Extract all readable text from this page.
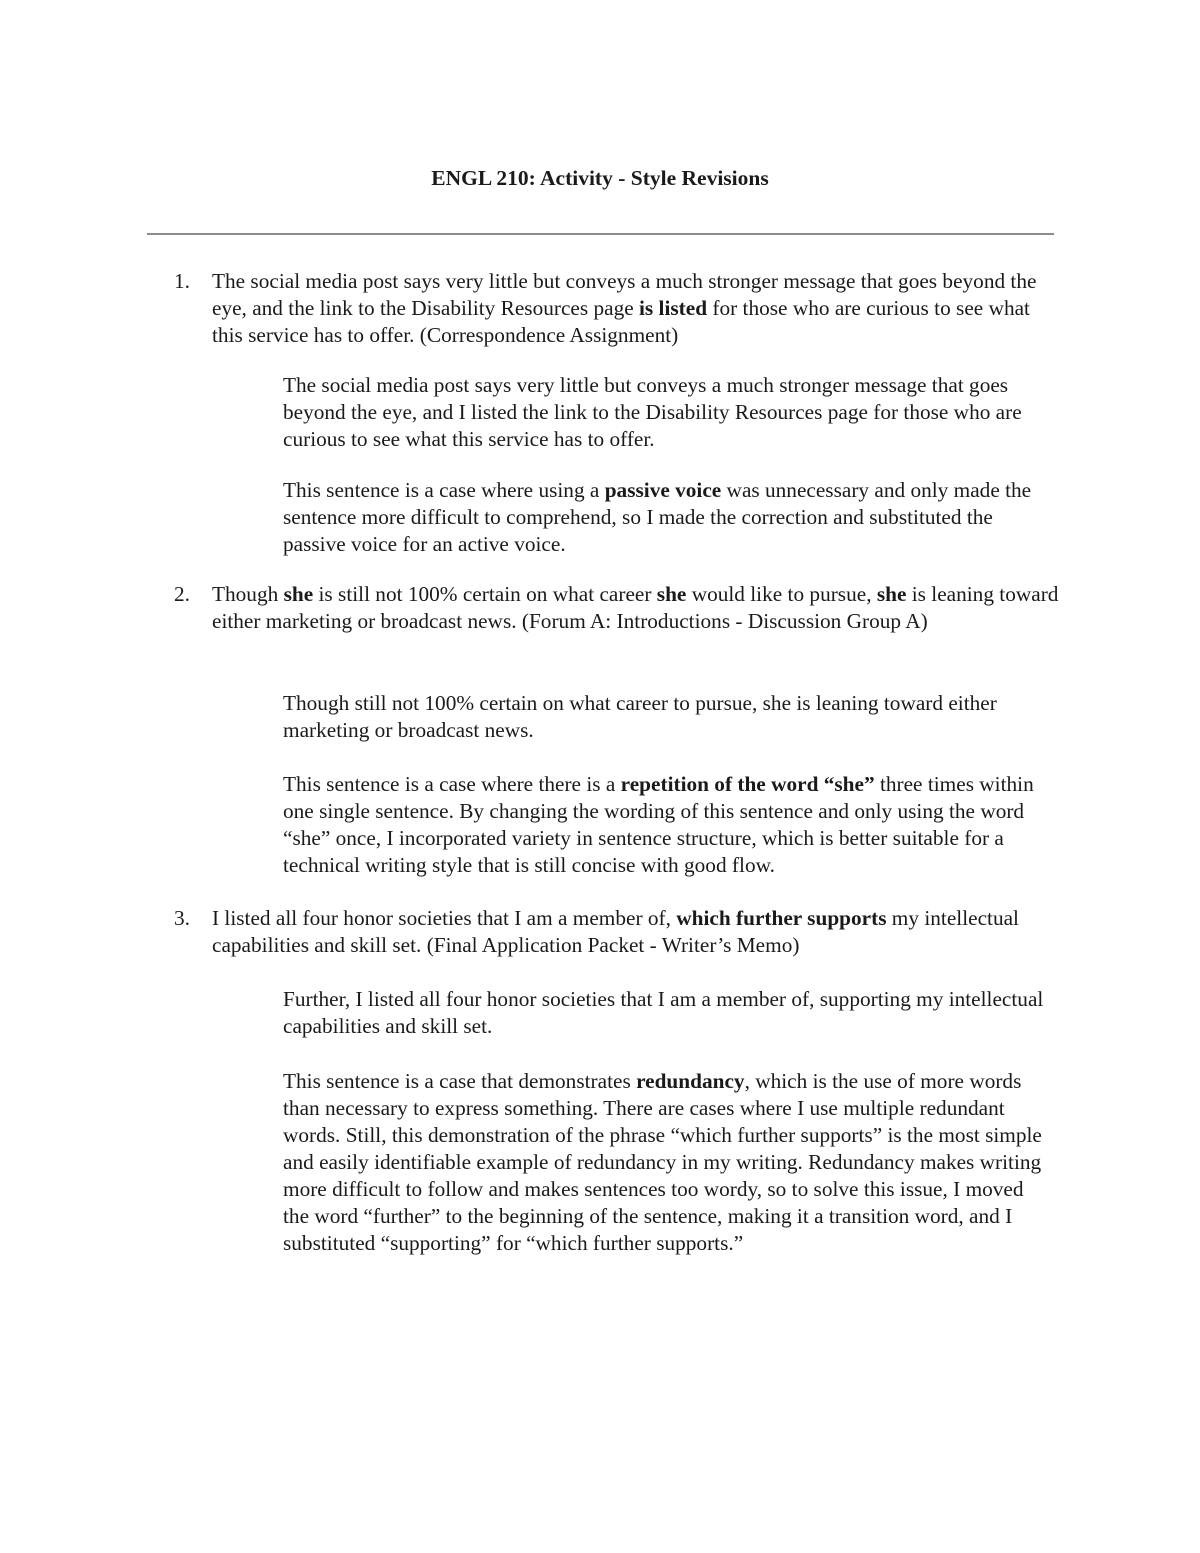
ENGL 210: Activity - Style Revisions

1. The social media post says very little but conveys a much stronger message that goes beyond the eye, and the link to the Disability Resources page is listed for those who are curious to see what this service has to offer. (Correspondence Assignment)

The social media post says very little but conveys a much stronger message that goes beyond the eye, and I listed the link to the Disability Resources page for those who are curious to see what this service has to offer.

This sentence is a case where using a passive voice was unnecessary and only made the sentence more difficult to comprehend, so I made the correction and substituted the passive voice for an active voice.

2. Though she is still not 100% certain on what career she would like to pursue, she is leaning toward either marketing or broadcast news. (Forum A: Introductions - Discussion Group A)

Though still not 100% certain on what career to pursue, she is leaning toward either marketing or broadcast news.

This sentence is a case where there is a repetition of the word “she” three times within one single sentence. By changing the wording of this sentence and only using the word “she” once, I incorporated variety in sentence structure, which is better suitable for a technical writing style that is still concise with good flow.

3. I listed all four honor societies that I am a member of, which further supports my intellectual capabilities and skill set. (Final Application Packet - Writer’s Memo)

Further, I listed all four honor societies that I am a member of, supporting my intellectual capabilities and skill set.

This sentence is a case that demonstrates redundancy, which is the use of more words than necessary to express something. There are cases where I use multiple redundant words. Still, this demonstration of the phrase “which further supports” is the most simple and easily identifiable example of redundancy in my writing. Redundancy makes writing more difficult to follow and makes sentences too wordy, so to solve this issue, I moved the word “further” to the beginning of the sentence, making it a transition word, and I substituted “supporting” for “which further supports.”
